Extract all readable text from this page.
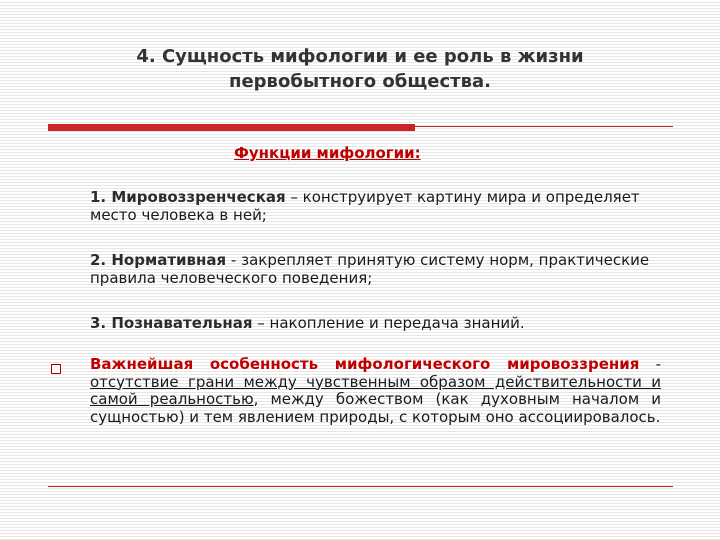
4. Сущность мифологии и ее роль в жизни
первобытного общества.
Функции мифологии:
1. Мировоззренческая – конструирует картину мира и определяет место человека в ней;
2. Нормативная - закрепляет принятую систему норм, практические правила человеческого поведения;
3. Познавательная – накопление и передача знаний.
Важнейшая особенность мифологического мировоззрения - отсутствие грани между чувственным образом действительности и самой реальностью, между божеством (как духовным началом и сущностью) и тем явлением природы, с которым оно ассоциировалось.
